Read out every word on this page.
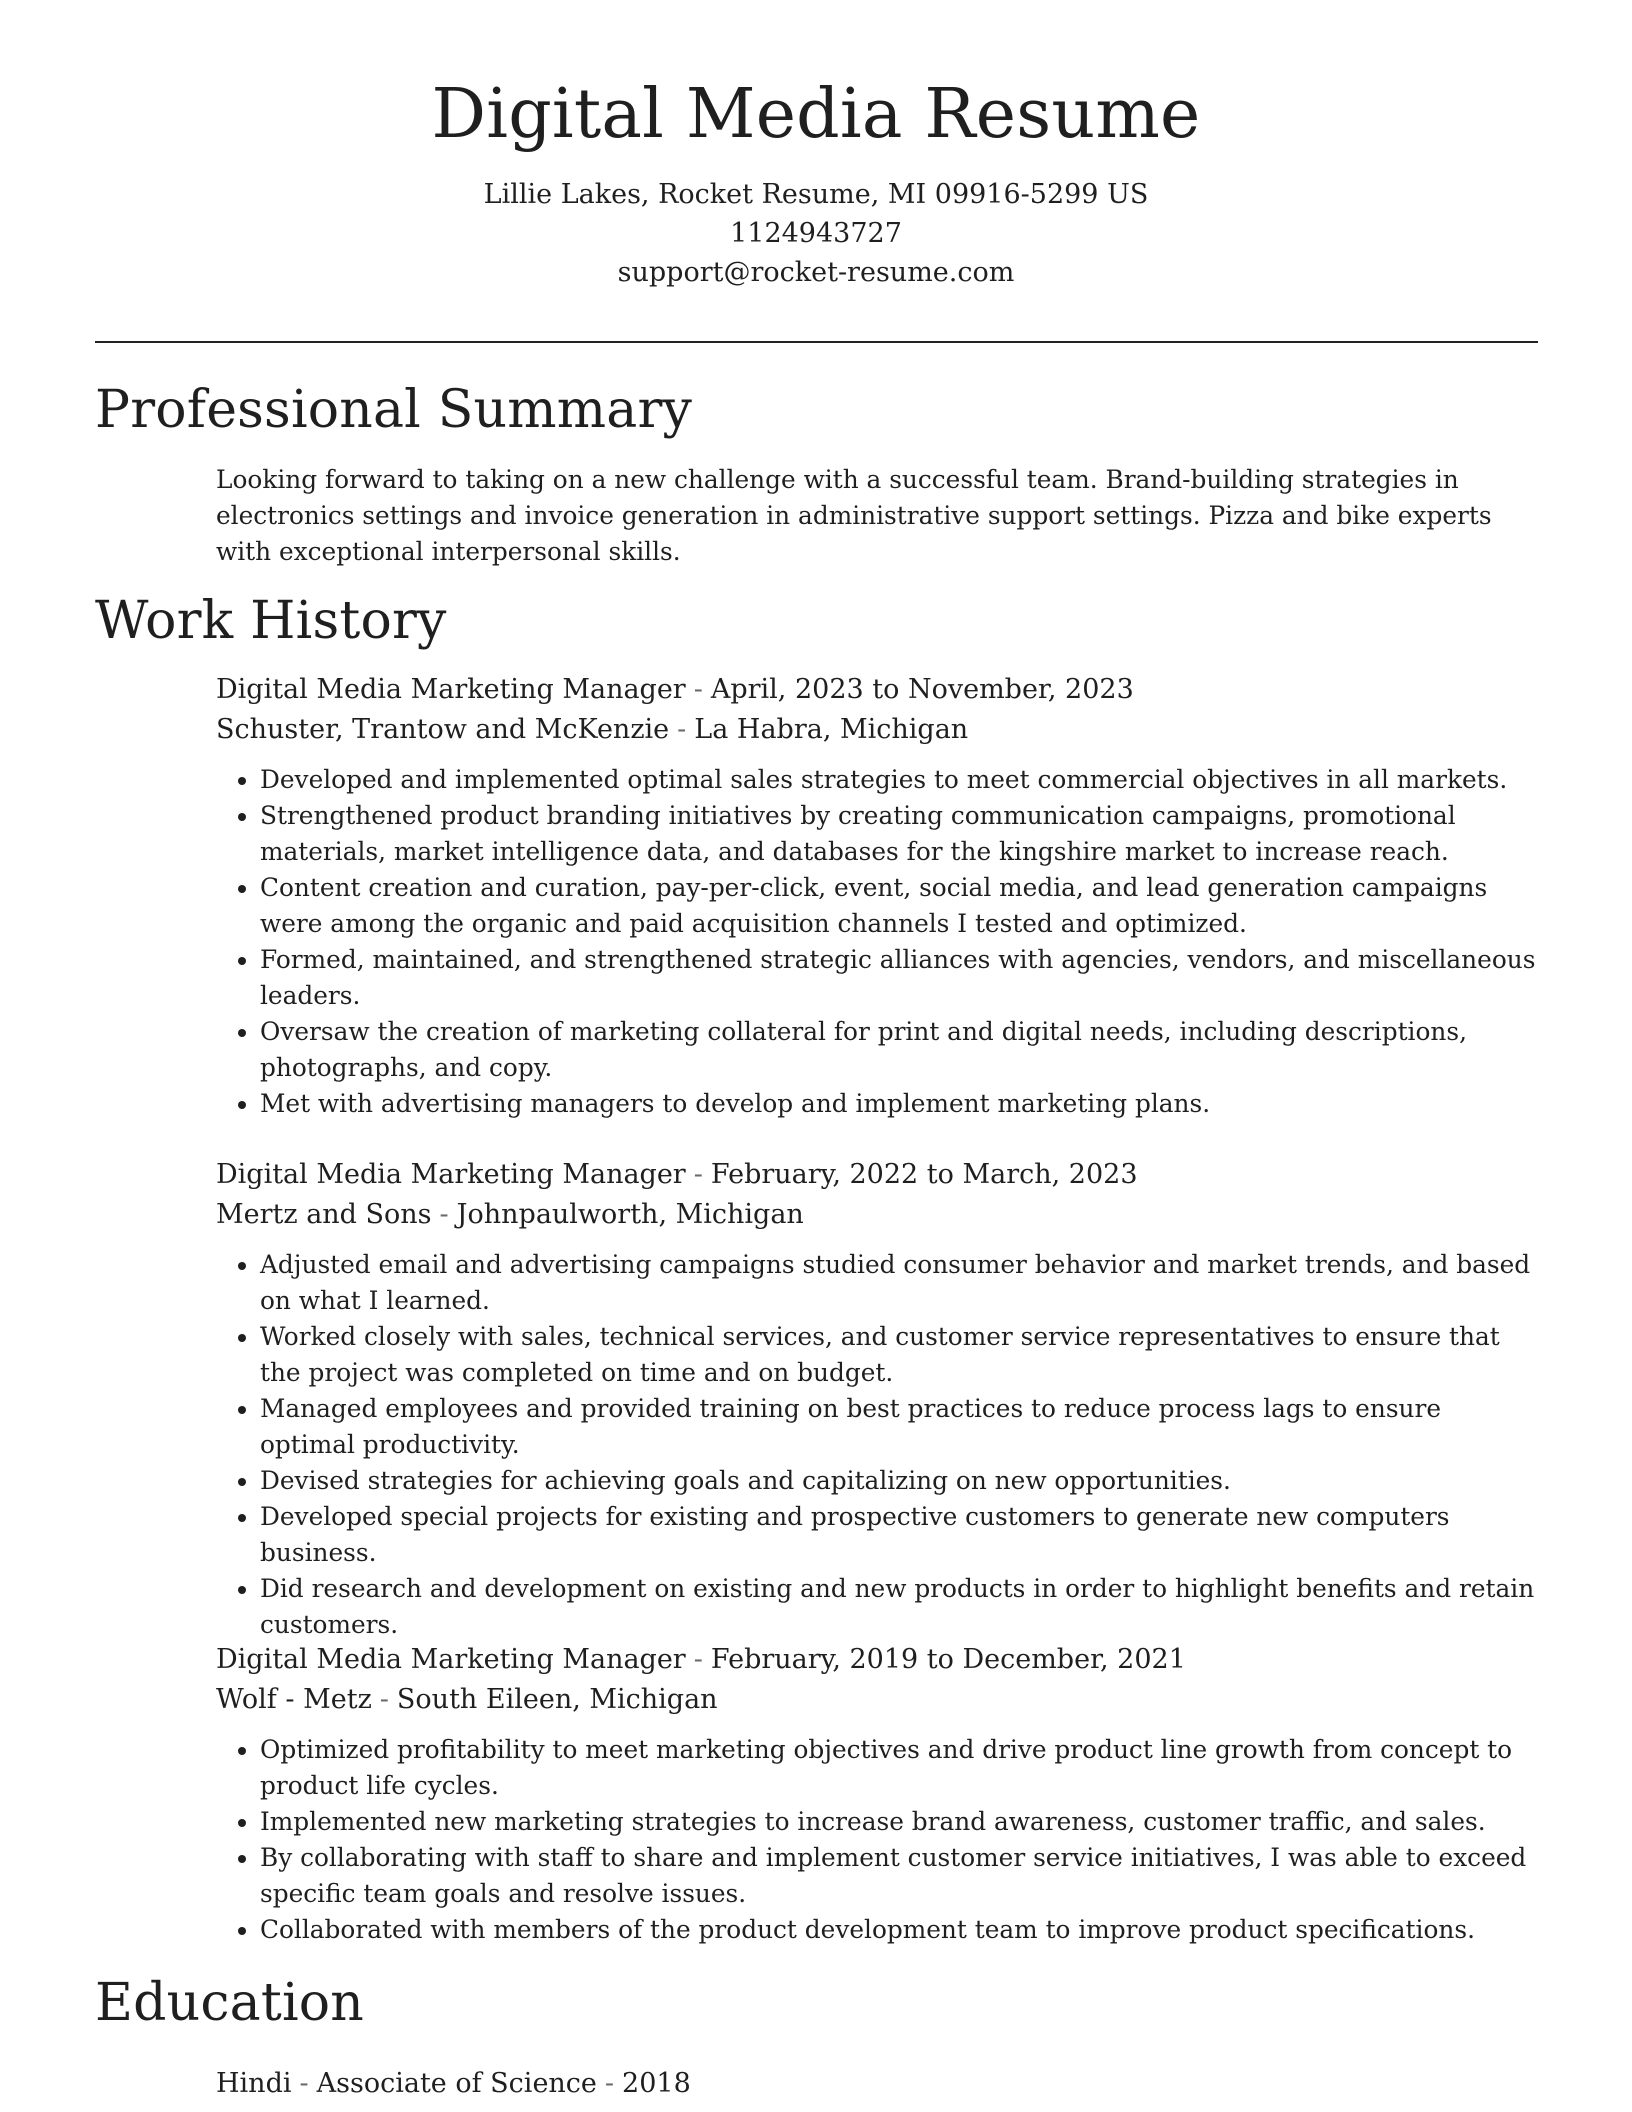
Digital Media Resume

Lillie Lakes, Rocket Resume, MI 09916-5299 US

1124943727

support@rocket-resume.com

Professional Summary

Looking forward to taking on a new challenge with a successful team. Brand-building strategies in electronics settings and invoice generation in administrative support settings. Pizza and bike experts with exceptional interpersonal skills.

Work History

Digital Media Marketing Manager - April, 2023 to November, 2023

Schuster, Trantow and McKenzie - La Habra, Michigan

• Developed and implemented optimal sales strategies to meet commercial objectives in all markets.
• Strengthened product branding initiatives by creating communication campaigns, promotional materials, market intelligence data, and databases for the kingshire market to increase reach.
• Content creation and curation, pay-per-click, event, social media, and lead generation campaigns were among the organic and paid acquisition channels I tested and optimized.
• Formed, maintained, and strengthened strategic alliances with agencies, vendors, and miscellaneous leaders.
• Oversaw the creation of marketing collateral for print and digital needs, including descriptions, photographs, and copy.
• Met with advertising managers to develop and implement marketing plans.

Digital Media Marketing Manager - February, 2022 to March, 2023

Mertz and Sons - Johnpaulworth, Michigan

• Adjusted email and advertising campaigns studied consumer behavior and market trends, and based on what I learned.
• Worked closely with sales, technical services, and customer service representatives to ensure that the project was completed on time and on budget.
• Managed employees and provided training on best practices to reduce process lags to ensure optimal productivity.
• Devised strategies for achieving goals and capitalizing on new opportunities.
• Developed special projects for existing and prospective customers to generate new computers business.
• Did research and development on existing and new products in order to highlight benefits and retain customers.

Digital Media Marketing Manager - February, 2019 to December, 2021

Wolf - Metz - South Eileen, Michigan

• Optimized profitability to meet marketing objectives and drive product line growth from concept to product life cycles.
• Implemented new marketing strategies to increase brand awareness, customer traffic, and sales.
• By collaborating with staff to share and implement customer service initiatives, I was able to exceed specific team goals and resolve issues.
• Collaborated with members of the product development team to improve product specifications.
Education

Hindi - Associate of Science - 2018
